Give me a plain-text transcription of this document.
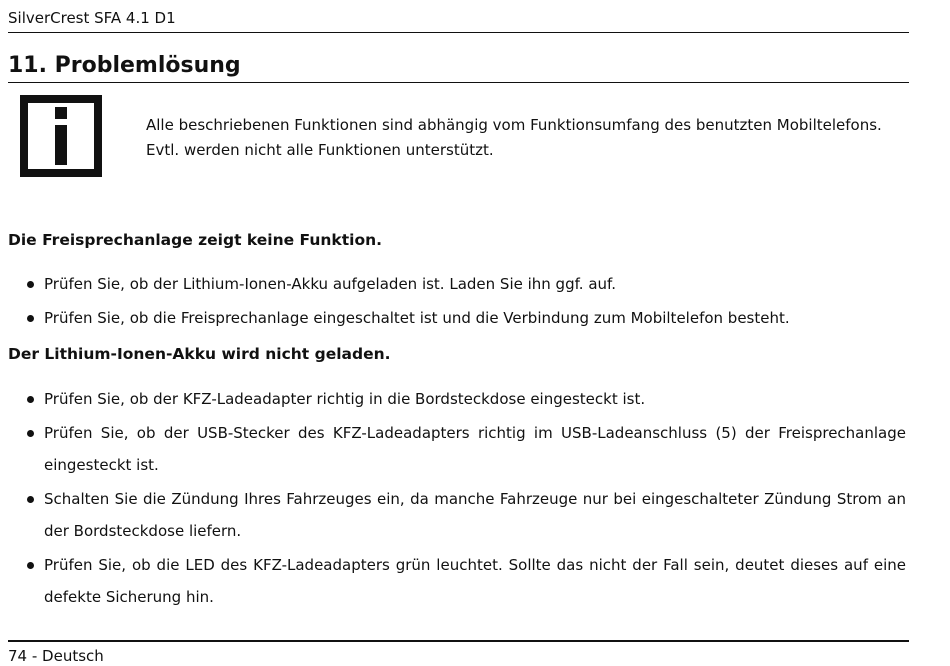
SilverCrest SFA 4.1 D1
11. Problemlösung
Alle beschriebenen Funktionen sind abhängig vom Funktionsumfang des benutzten Mobiltelefons.
Evtl. werden nicht alle Funktionen unterstützt.
Die Freisprechanlage zeigt keine Funktion.
Prüfen Sie, ob der Lithium-Ionen-Akku aufgeladen ist. Laden Sie ihn ggf. auf.
Prüfen Sie, ob die Freisprechanlage eingeschaltet ist und die Verbindung zum Mobiltelefon besteht.
Der Lithium-Ionen-Akku wird nicht geladen.
Prüfen Sie, ob der KFZ-Ladeadapter richtig in die Bordsteckdose eingesteckt ist.
Prüfen Sie, ob der USB-Stecker des KFZ-Ladeadapters richtig im USB-Ladeanschluss (5) der Freisprechanlage eingesteckt ist.
Schalten Sie die Zündung Ihres Fahrzeuges ein, da manche Fahrzeuge nur bei eingeschalteter Zündung Strom an der Bordsteckdose liefern.
Prüfen Sie, ob die LED des KFZ-Ladeadapters grün leuchtet. Sollte das nicht der Fall sein, deutet dieses auf eine defekte Sicherung hin.
74 - Deutsch
